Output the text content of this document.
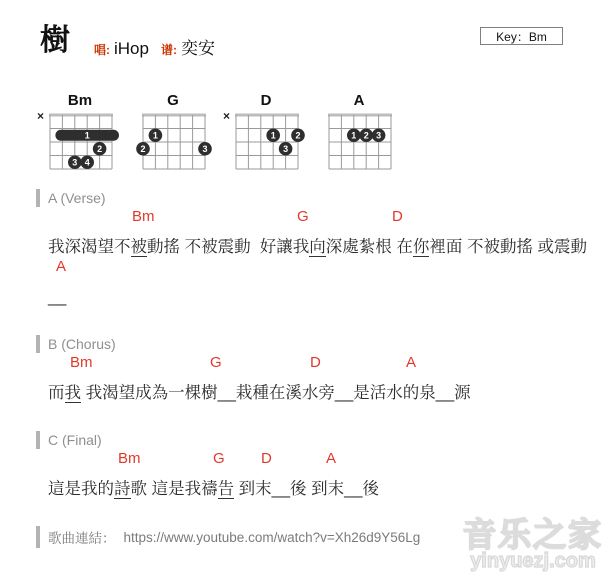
樹 唱: iHop 谱: 奕安
Key：Bm
Bm
×
1
2
3 4
G
1
2	3
D
×
1 2
3
A
1 2 3
A (Verse)
Bm	G	D
我深渴望不被動搖 不被震動  好讓我向深處紮根 在你裡面 不被動搖 或震動
A
__
B (Chorus)
Bm	G	D	A
而我 我渴望成為一棵樹__栽種在溪水旁__是活水的泉__源
C (Final)
Bm	G D	A
這是我的詩歌 這是我禱告 到末__後 到末__後
歌曲連結： https://www.youtube.com/watch?v=Xh26d9Y56Lg 音乐之家
yinyuezj.com
